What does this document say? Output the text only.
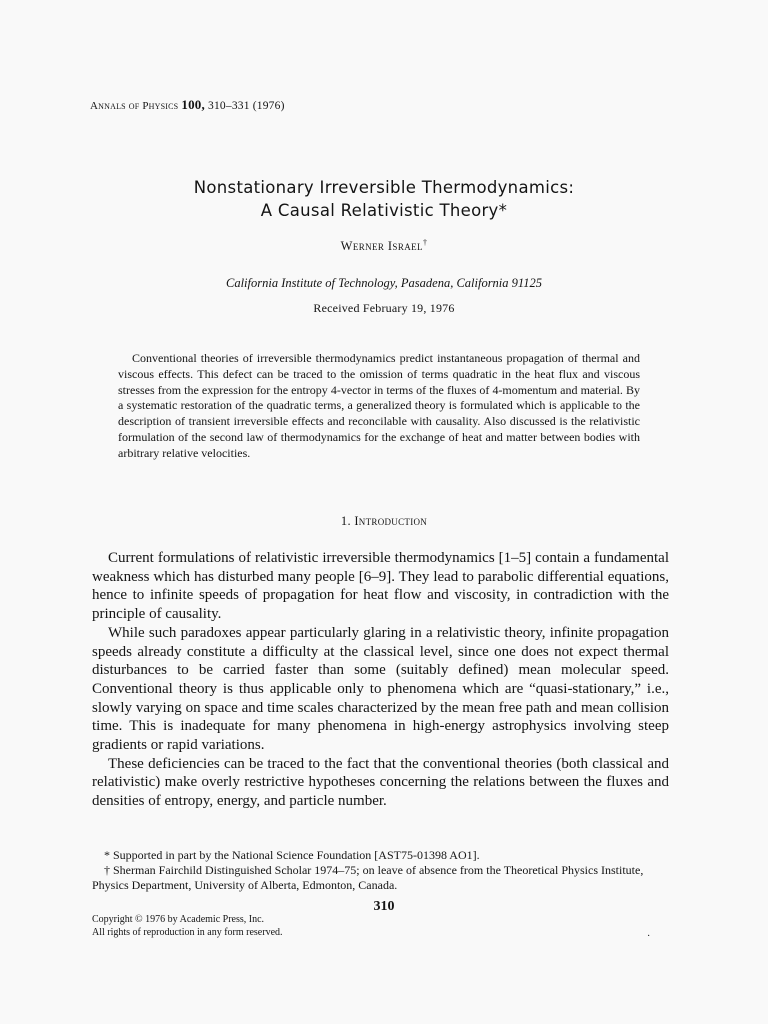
Annals of Physics 100, 310–331 (1976)
Nonstationary Irreversible Thermodynamics:
A Causal Relativistic Theory*
Werner Israel†
California Institute of Technology, Pasadena, California 91125
Received February 19, 1976

Conventional theories of irreversible thermodynamics predict instantaneous propagation of thermal and viscous effects. This defect can be traced to the omission of terms quadratic in the heat flux and viscous stresses from the expression for the entropy 4-vector in terms of the fluxes of 4-momentum and material. By a systematic restoration of the quadratic terms, a generalized theory is formulated which is applicable to the description of transient irreversible effects and reconcilable with causality. Also discussed is the relativistic formulation of the second law of thermodynamics for the exchange of heat and matter between bodies with arbitrary relative velocities.

1. Introduction

Current formulations of relativistic irreversible thermodynamics [1–5] contain a fundamental weakness which has disturbed many people [6–9]. They lead to parabolic differential equations, hence to infinite speeds of propagation for heat flow and viscosity, in contradiction with the principle of causality.

While such paradoxes appear particularly glaring in a relativistic theory, infinite propagation speeds already constitute a difficulty at the classical level, since one does not expect thermal disturbances to be carried faster than some (suitably defined) mean molecular speed. Conventional theory is thus applicable only to phenomena which are “quasi-stationary,” i.e., slowly varying on space and time scales characterized by the mean free path and mean collision time. This is inadequate for many phenomena in high-energy astrophysics involving steep gradients or rapid variations.

These deficiencies can be traced to the fact that the conventional theories (both classical and relativistic) make overly restrictive hypotheses concerning the relations between the fluxes and densities of entropy, energy, and particle number.

* Supported in part by the National Science Foundation [AST75-01398 AO1].

† Sherman Fairchild Distinguished Scholar 1974–75; on leave of absence from the Theoretical Physics Institute, Physics Department, University of Alberta, Edmonton, Canada.

310
Copyright © 1976 by Academic Press, Inc.
All rights of reproduction in any form reserved.	·
